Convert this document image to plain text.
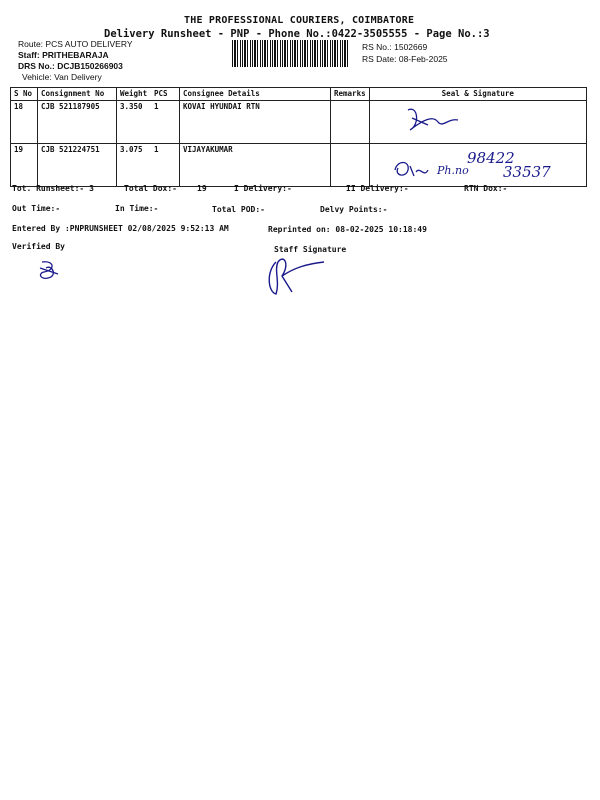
THE PROFESSIONAL COURIERS, COIMBATORE
Delivery Runsheet - PNP - Phone No.:0422-3505555 - Page No.:3
Route: PCS AUTO DELIVERY
Staff: PRITHEBARAJA
DRS No.: DCJB150266903
Vehicle: Van Delivery
RS No.: 1502669
RS Date: 08-Feb-2025
S No	Consignment No	Weight	PCS	Consignee Details	Remarks	Seal & Signature
18	CJB 521187905	3.350	1	KOVAI HYUNDAI RTN		
19	CJB 521224751	3.075	1	VIJAYAKUMAR		
Ph.no
98422
33537
Tot. Runsheet:- 3	Total Dox:-	19	I Delivery:-	II Delivery:-	RTN Dox:-
Out Time:-	In Time:-	Total POD:-	Delvy Points:-
Entered By :PNPRUNSHEET 02/08/2025 9:52:13 AM	Reprinted on: 08-02-2025 10:18:49
Verified By	Staff Signature
